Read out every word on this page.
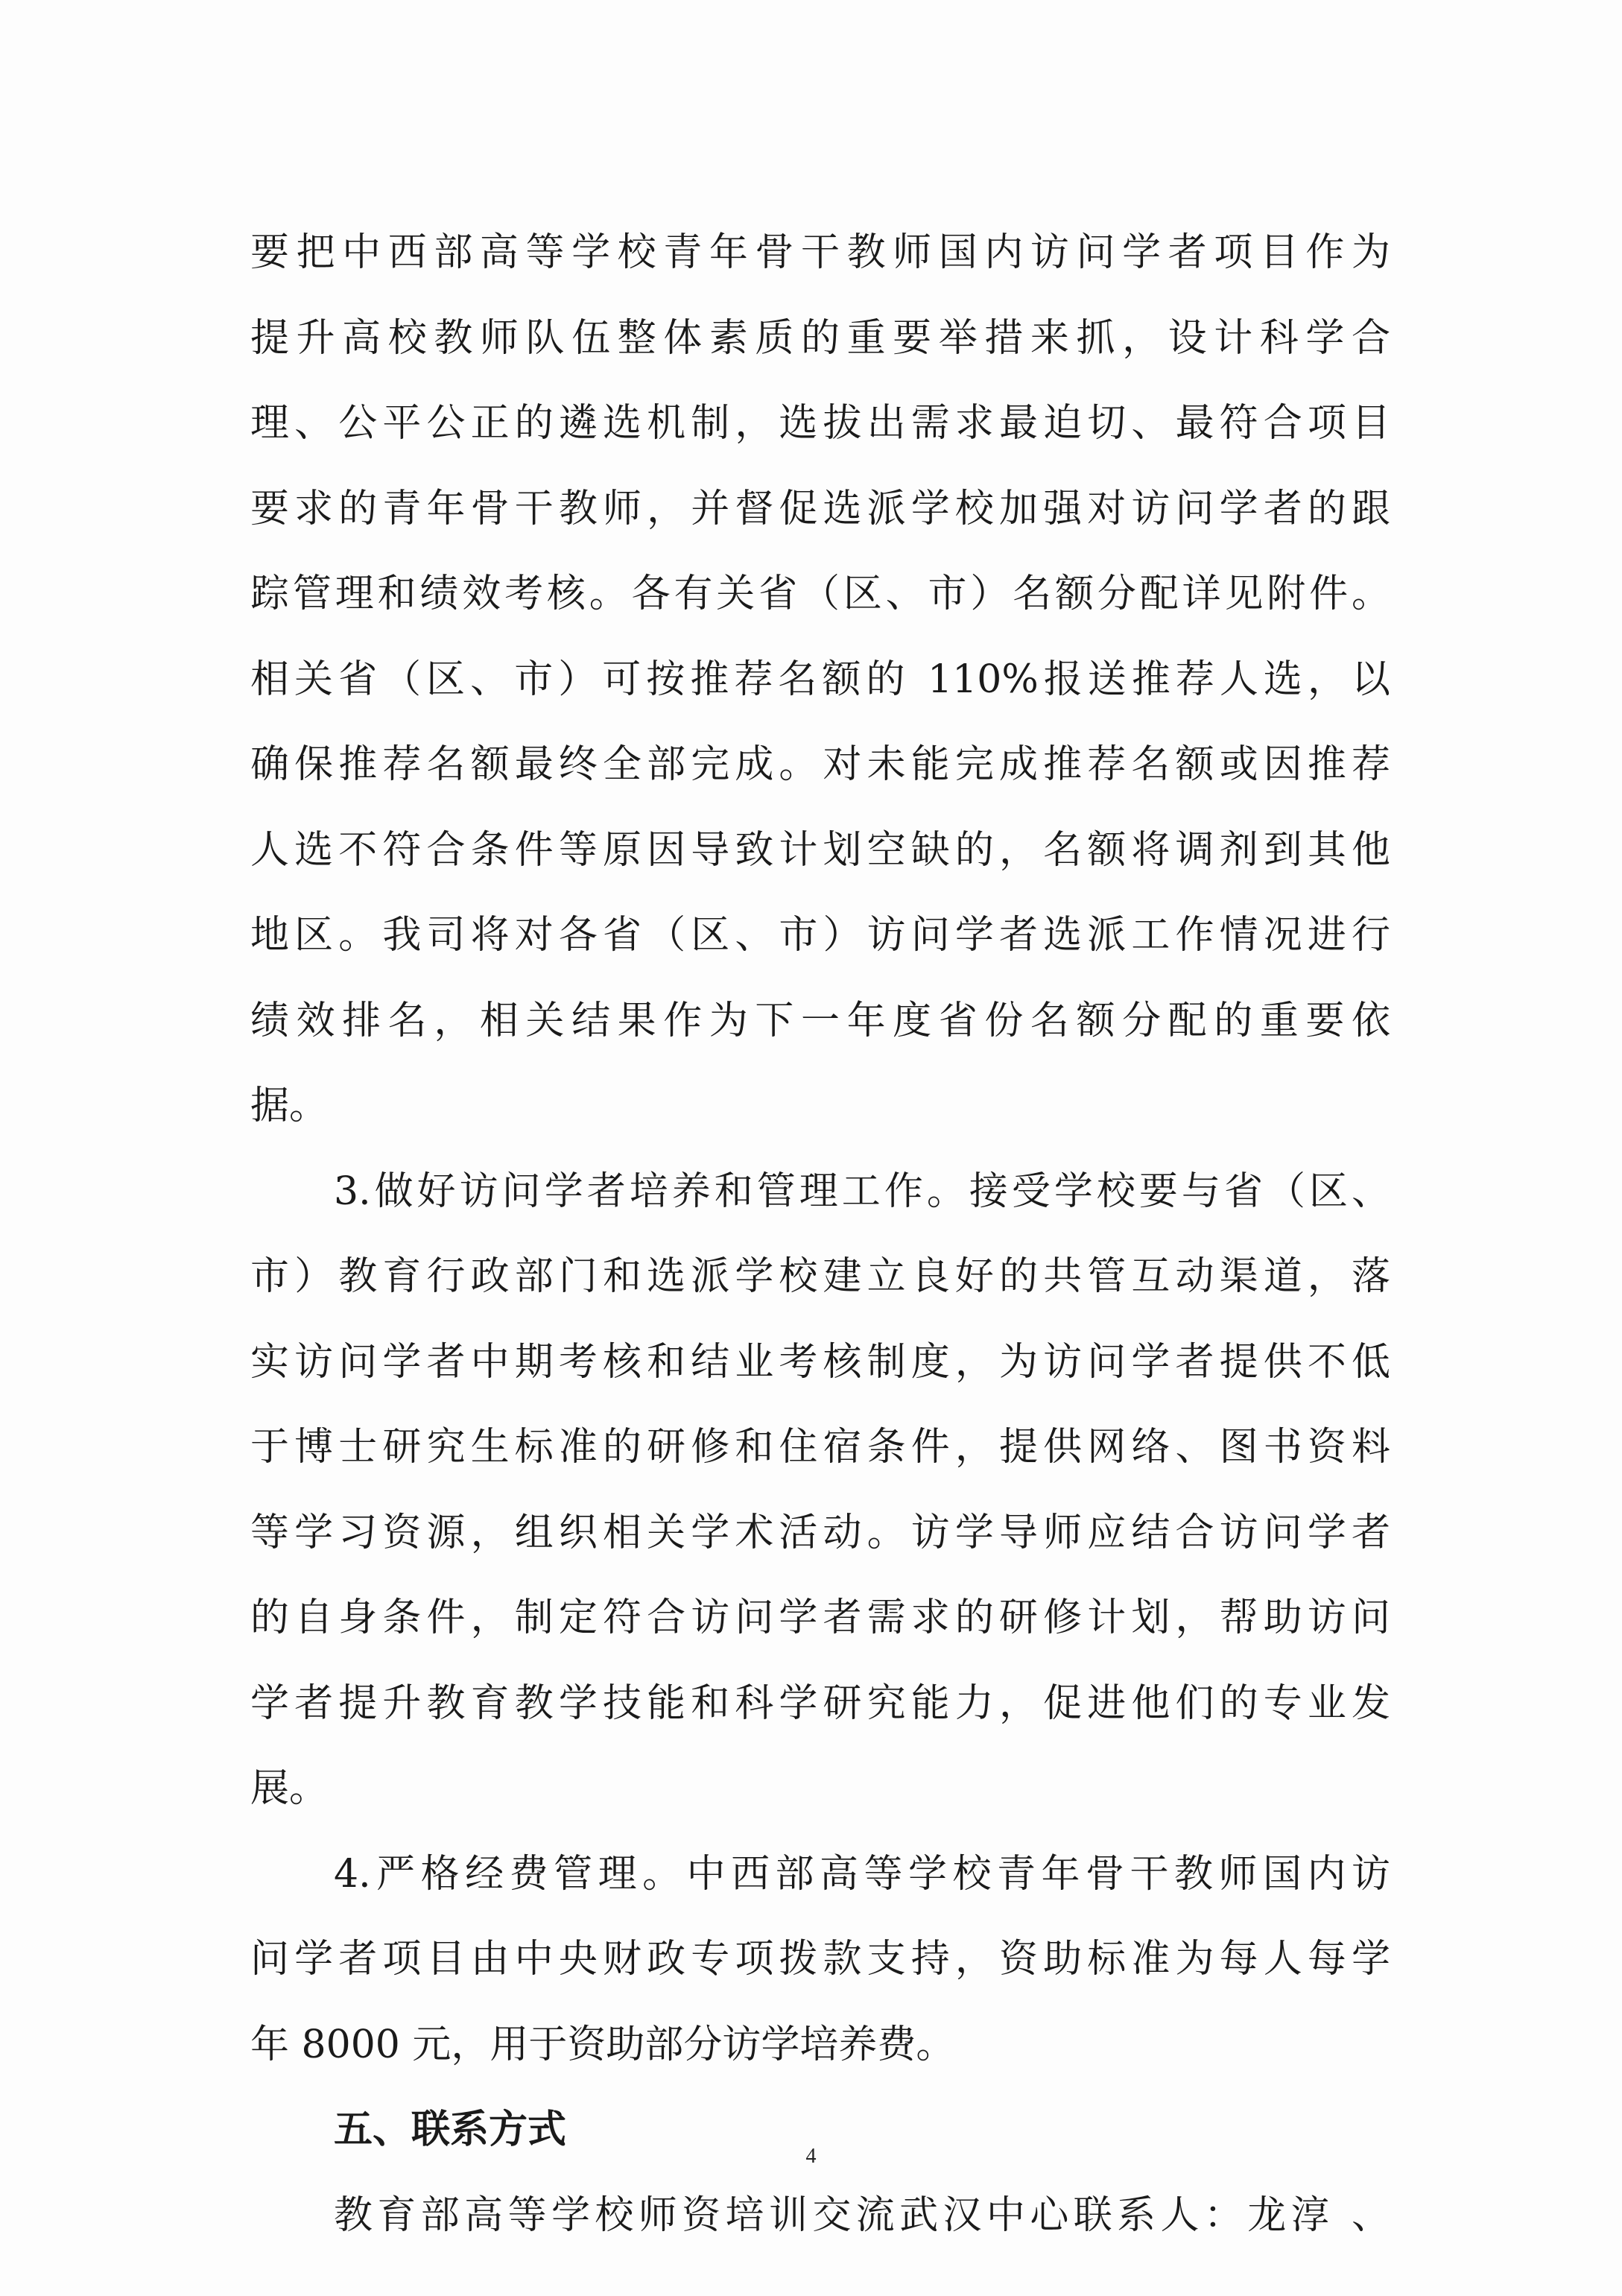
要把中西部高等学校青年骨干教师国内访问学者项目作为
提升高校教师队伍整体素质的重要举措来抓，设计科学合
理、公平公正的遴选机制，选拔出需求最迫切、最符合项目
要求的青年骨干教师，并督促选派学校加强对访问学者的跟
踪管理和绩效考核。各有关省（区、市）名额分配详见附件。
相关省（区、市）可按推荐名额的 110%报送推荐人选，以
确保推荐名额最终全部完成。对未能完成推荐名额或因推荐
人选不符合条件等原因导致计划空缺的，名额将调剂到其他
地区。我司将对各省（区、市）访问学者选派工作情况进行
绩效排名，相关结果作为下一年度省份名额分配的重要依
据。
3.做好访问学者培养和管理工作。接受学校要与省（区、
市）教育行政部门和选派学校建立良好的共管互动渠道，落
实访问学者中期考核和结业考核制度，为访问学者提供不低
于博士研究生标准的研修和住宿条件，提供网络、图书资料
等学习资源，组织相关学术活动。访学导师应结合访问学者
的自身条件，制定符合访问学者需求的研修计划，帮助访问
学者提升教育教学技能和科学研究能力，促进他们的专业发
展。
4.严格经费管理。中西部高等学校青年骨干教师国内访
问学者项目由中央财政专项拨款支持，资助标准为每人每学
年 8000 元，用于资助部分访学培养费。
五、联系方式
教育部高等学校师资培训交流武汉中心联系人：龙淳 、
4
